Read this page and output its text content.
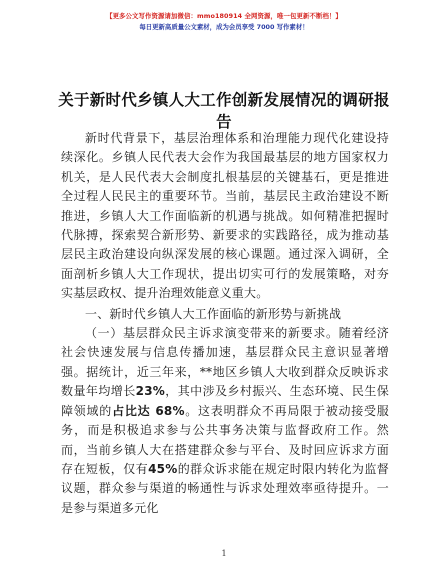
【更多公文写作资源请加微信：mmo180914 全网资源，唯一包更新不断档！】
每日更新高质量公文素材，成为会员享受 7000 写作素材！
关于新时代乡镇人大工作创新发展情况的调研报告

新时代背景下，基层治理体系和治理能力现代化建设持续深化。乡镇人民代表大会作为我国最基层的地方国家权力机关，是人民代表大会制度扎根基层的关键基石，更是推进全过程人民民主的重要环节。当前，基层民主政治建设不断推进，乡镇人大工作面临新的机遇与挑战。如何精准把握时代脉搏，探索契合新形势、新要求的实践路径，成为推动基层民主政治建设向纵深发展的核心课题。通过深入调研，全面剖析乡镇人大工作现状，提出切实可行的发展策略，对夯实基层政权、提升治理效能意义重大。

一、新时代乡镇人大工作面临的新形势与新挑战

（一）基层群众民主诉求演变带来的新要求。随着经济社会快速发展与信息传播加速，基层群众民主意识显著增强。据统计，近三年来，**地区乡镇人大收到群众反映诉求数量年均增长23%，其中涉及乡村振兴、生态环境、民生保障领域的占比达 68%。这表明群众不再局限于被动接受服务，而是积极追求参与公共事务决策与监督政府工作。然而，当前乡镇人大在搭建群众参与平台、及时回应诉求方面存在短板，仅有45%的群众诉求能在规定时限内转化为监督议题，群众参与渠道的畅通性与诉求处理效率亟待提升。一是参与渠道多元化

1
